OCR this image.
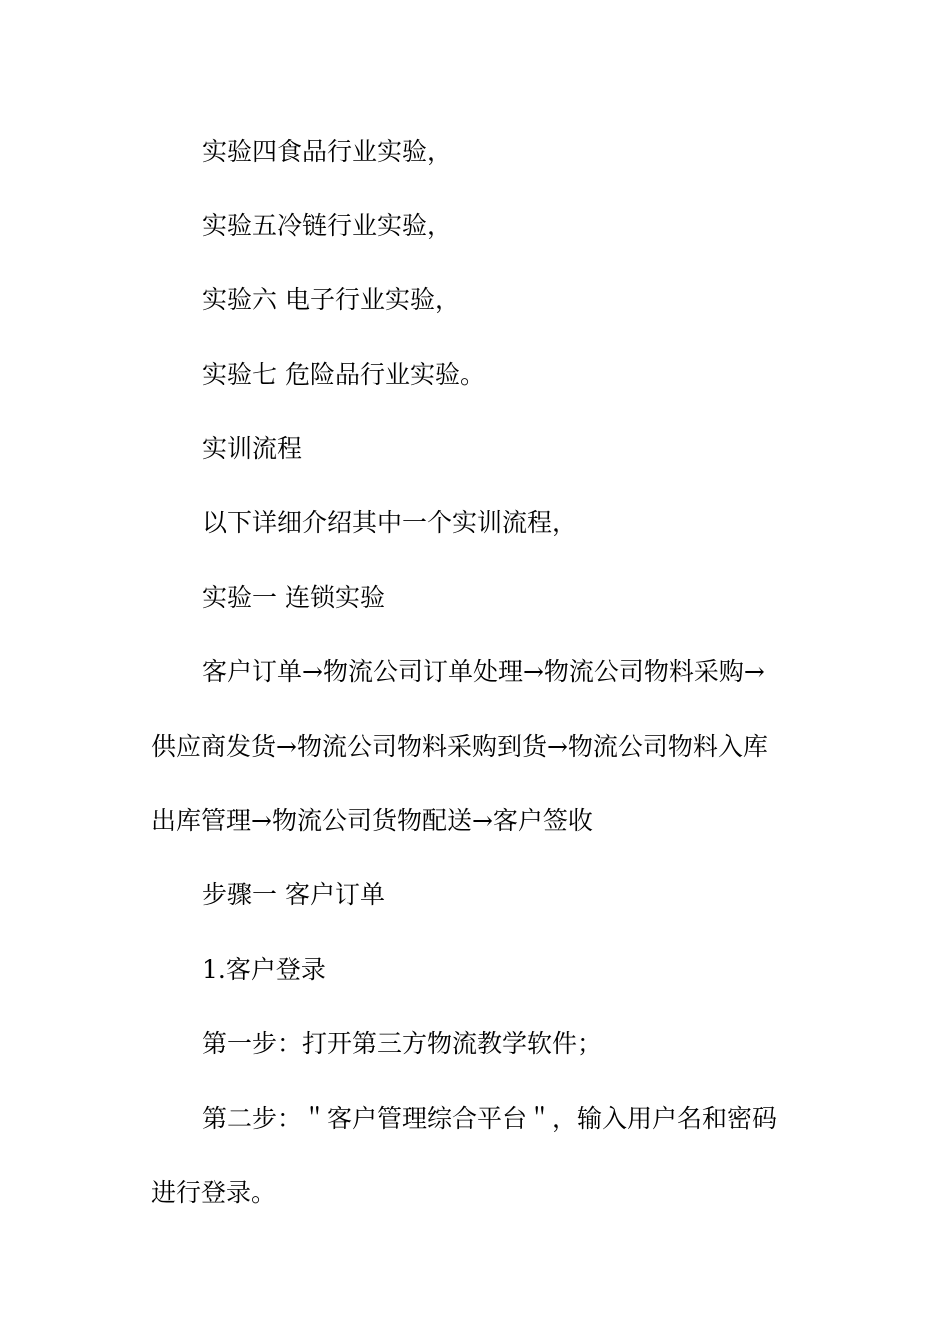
实验四食品行业实验，
实验五冷链行业实验，
实验六 电子行业实验，
实验七 危险品行业实验。
实训流程
以下详细介绍其中一个实训流程，
实验一 连锁实验
客户订单→物流公司订单处理→物流公司物料采购→
供应商发货→物流公司物料采购到货→物流公司物料入库
出库管理→物流公司货物配送→客户签收
步骤一 客户订单
1.客户登录
第一步：打开第三方物流教学软件；
第二步：＂客户管理综合平台＂，输入用户名和密码
进行登录。
